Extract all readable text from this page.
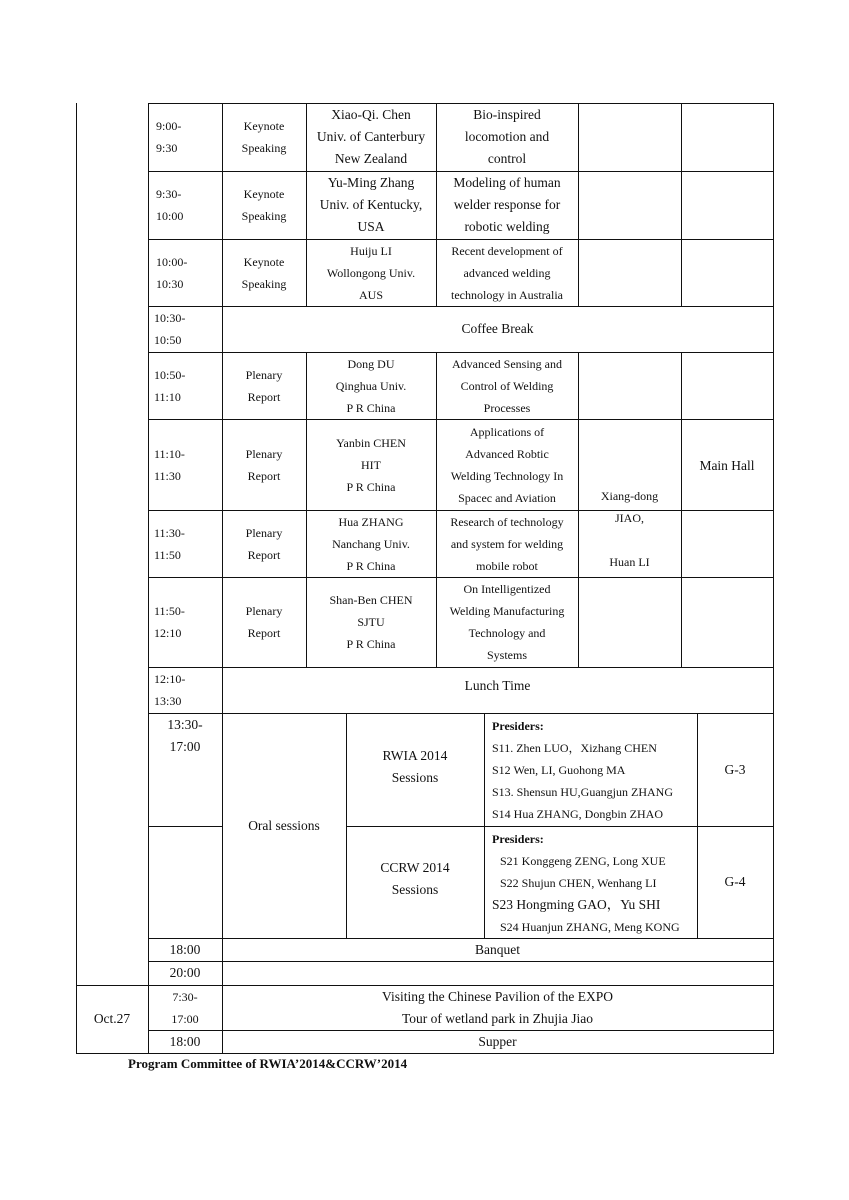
9:00-
9:30
Keynote
Speaking
Xiao-Qi. Chen
Univ. of Canterbury
New Zealand
Bio-inspired
locomotion and
control
9:30-
10:00
Keynote
Speaking
Yu-Ming Zhang
Univ. of Kentucky,
USA
Modeling of human
welder response for
robotic welding
10:00-
10:30
Keynote
Speaking
Huiju LI
Wollongong Univ.
AUS
Recent development of
advanced welding
technology in Australia
10:30-
10:50
Coffee Break
10:50-
11:10
Plenary
Report
Dong DU
Qinghua Univ.
P R China
Advanced Sensing and
Control of Welding
Processes
11:10-
11:30
Plenary
Report
Yanbin CHEN
HIT
P R China
Applications of
Advanced Robtic
Welding Technology In
Spacec and Aviation
11:30-
11:50
Plenary
Report
Hua ZHANG
Nanchang Univ.
P R China
Research of technology
and system for welding
mobile robot
11:50-
12:10
Plenary
Report
Shan-Ben CHEN
SJTU
P R China
On Intelligentized
Welding Manufacturing
Technology and
Systems
Xiang-dong
JIAO,

Huan LI
Main Hall
12:10-
13:30
Lunch Time
13:30-
17:00
Oral sessions
RWIA 2014
Sessions
G-3
Presiders:
S11. Zhen LUO，Xizhang CHEN
S12 Wen, LI, Guohong MA
S13. Shensun HU,Guangjun ZHANG
S14 Hua ZHANG, Dongbin ZHAO
CCRW 2014
Sessions
G-4
Presiders:
S21 Konggeng ZENG, Long XUE
S22 Shujun CHEN, Wenhang LI
S23 Hongming GAO，Yu SHI
S24 Huanjun ZHANG, Meng KONG
18:00	Banquet
20:00
Oct.27
7:30-
17:00
Visiting the Chinese Pavilion of the EXPO
Tour of wetland park in Zhujia Jiao
18:00	Supper
Program Committee of RWIA’2014&CCRW’2014
